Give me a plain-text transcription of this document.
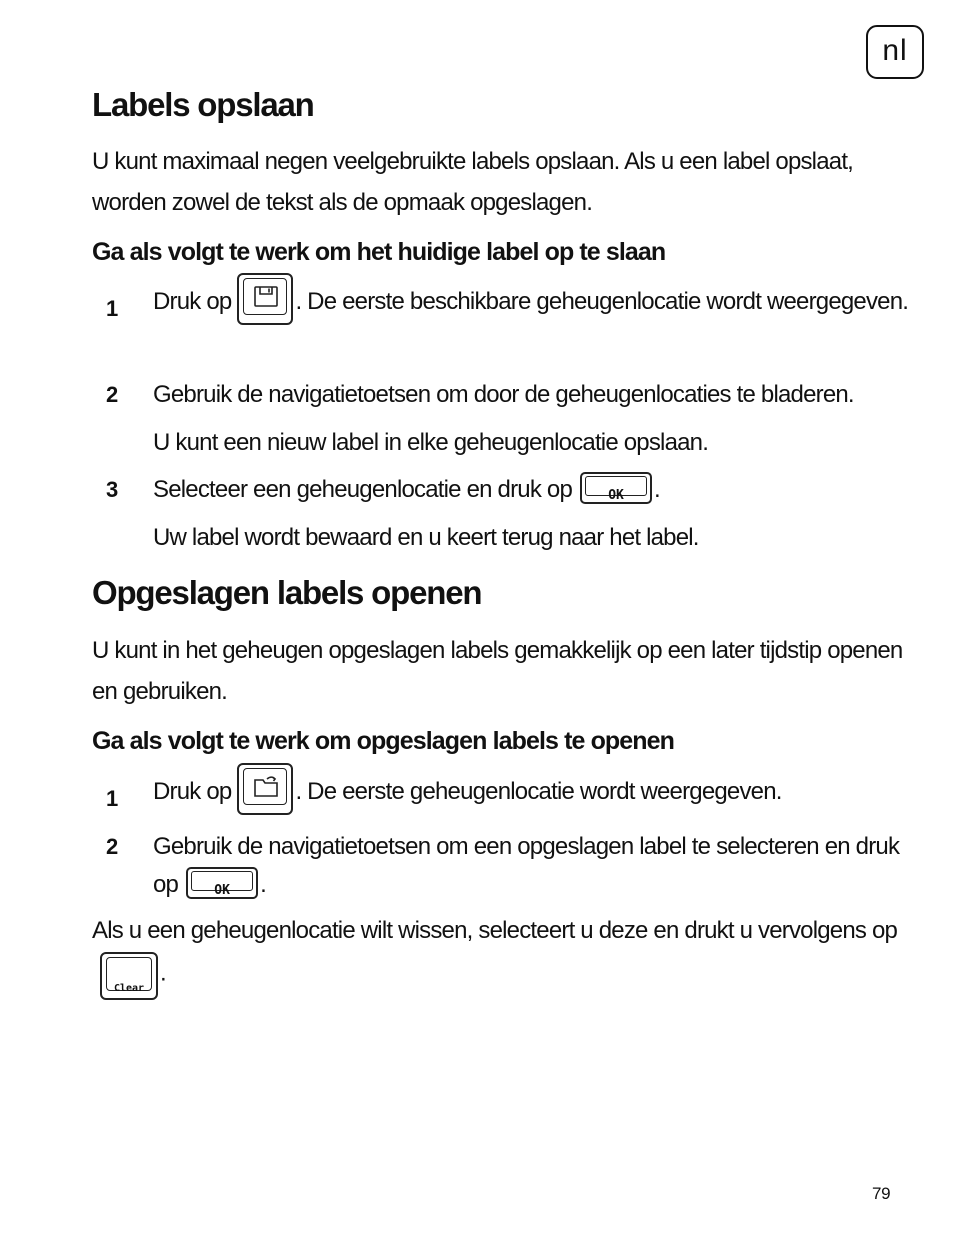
nl
Labels opslaan

U kunt maximaal negen veelgebruikte labels opslaan. Als u een label opslaat, worden zowel de tekst als de opmaak opgeslagen.

Ga als volgt te werk om het huidige label op te slaan
1 Druk op	. De eerste beschikbare geheugenlocatie wordt weergegeven.
2 Gebruik de navigatietoetsen om door de geheugenlocaties te bladeren.
U kunt een nieuw label in elke geheugenlocatie opslaan.
3 Selecteer een geheugenlocatie en druk op	OK	.
Uw label wordt bewaard en u keert terug naar het label.
Opgeslagen labels openen

U kunt in het geheugen opgeslagen labels gemakkelijk op een later tijdstip openen en gebruiken.

Ga als volgt te werk om opgeslagen labels te openen
1 Druk op	. De eerste geheugenlocatie wordt weergegeven.
2 Gebruik de navigatietoetsen om een opgeslagen label te selecteren en druk op	OK	.

Als u een geheugenlocatie wilt wissen, selecteert u deze en drukt u vervolgens op
Clear
.

79
